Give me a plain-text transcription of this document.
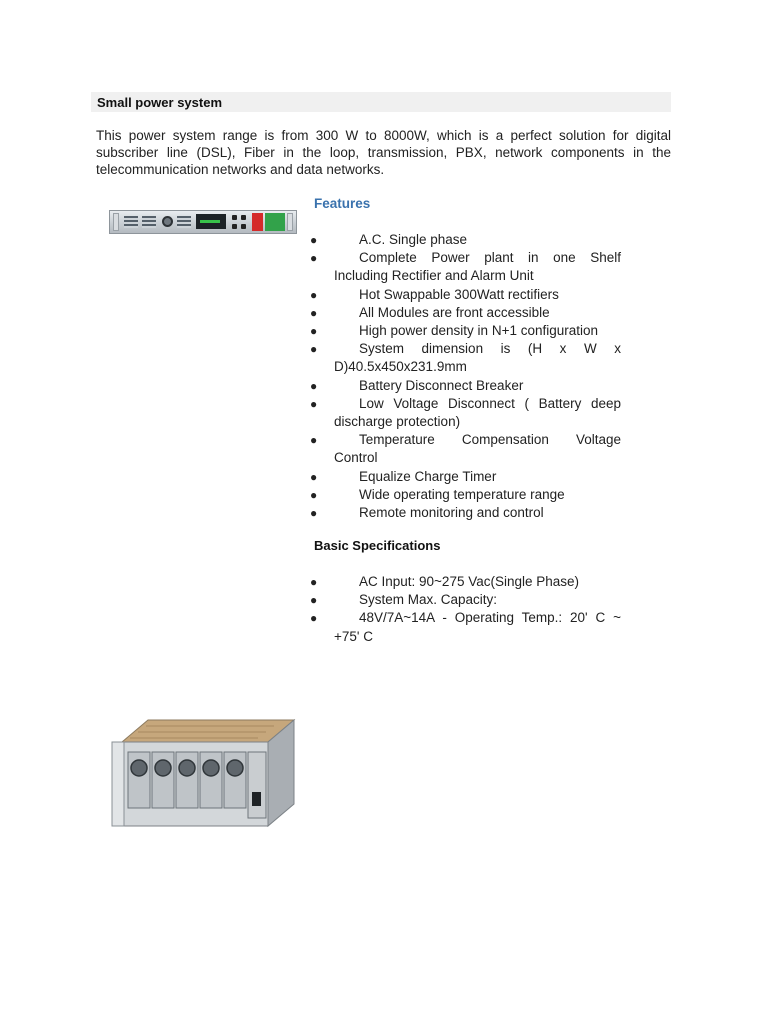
Small power system
This power system range is from 300 W to 8000W, which is a perfect solution for digital subscriber line (DSL), Fiber in the loop, transmission, PBX, network components in the telecommunication networks and data networks.
Features
●	A.C. Single phase
●	Complete Power plant in one Shelf Including Rectifier and Alarm Unit
●	Hot Swappable 300Watt rectifiers
●	All Modules are front accessible
●	High power density in N+1 configuration
●	System dimension is (H x W x D)40.5x450x231.9mm
●	Battery Disconnect Breaker
●	Low Voltage Disconnect ( Battery deep discharge protection)
●	Temperature Compensation Voltage Control
●	Equalize Charge Timer
●	Wide operating temperature range
●	Remote monitoring and control
Basic Specifications
●	AC Input: 90~275 Vac(Single Phase)
●	System Max. Capacity:
●	48V/7A~14A - Operating Temp.: 20' C ~ +75' C
